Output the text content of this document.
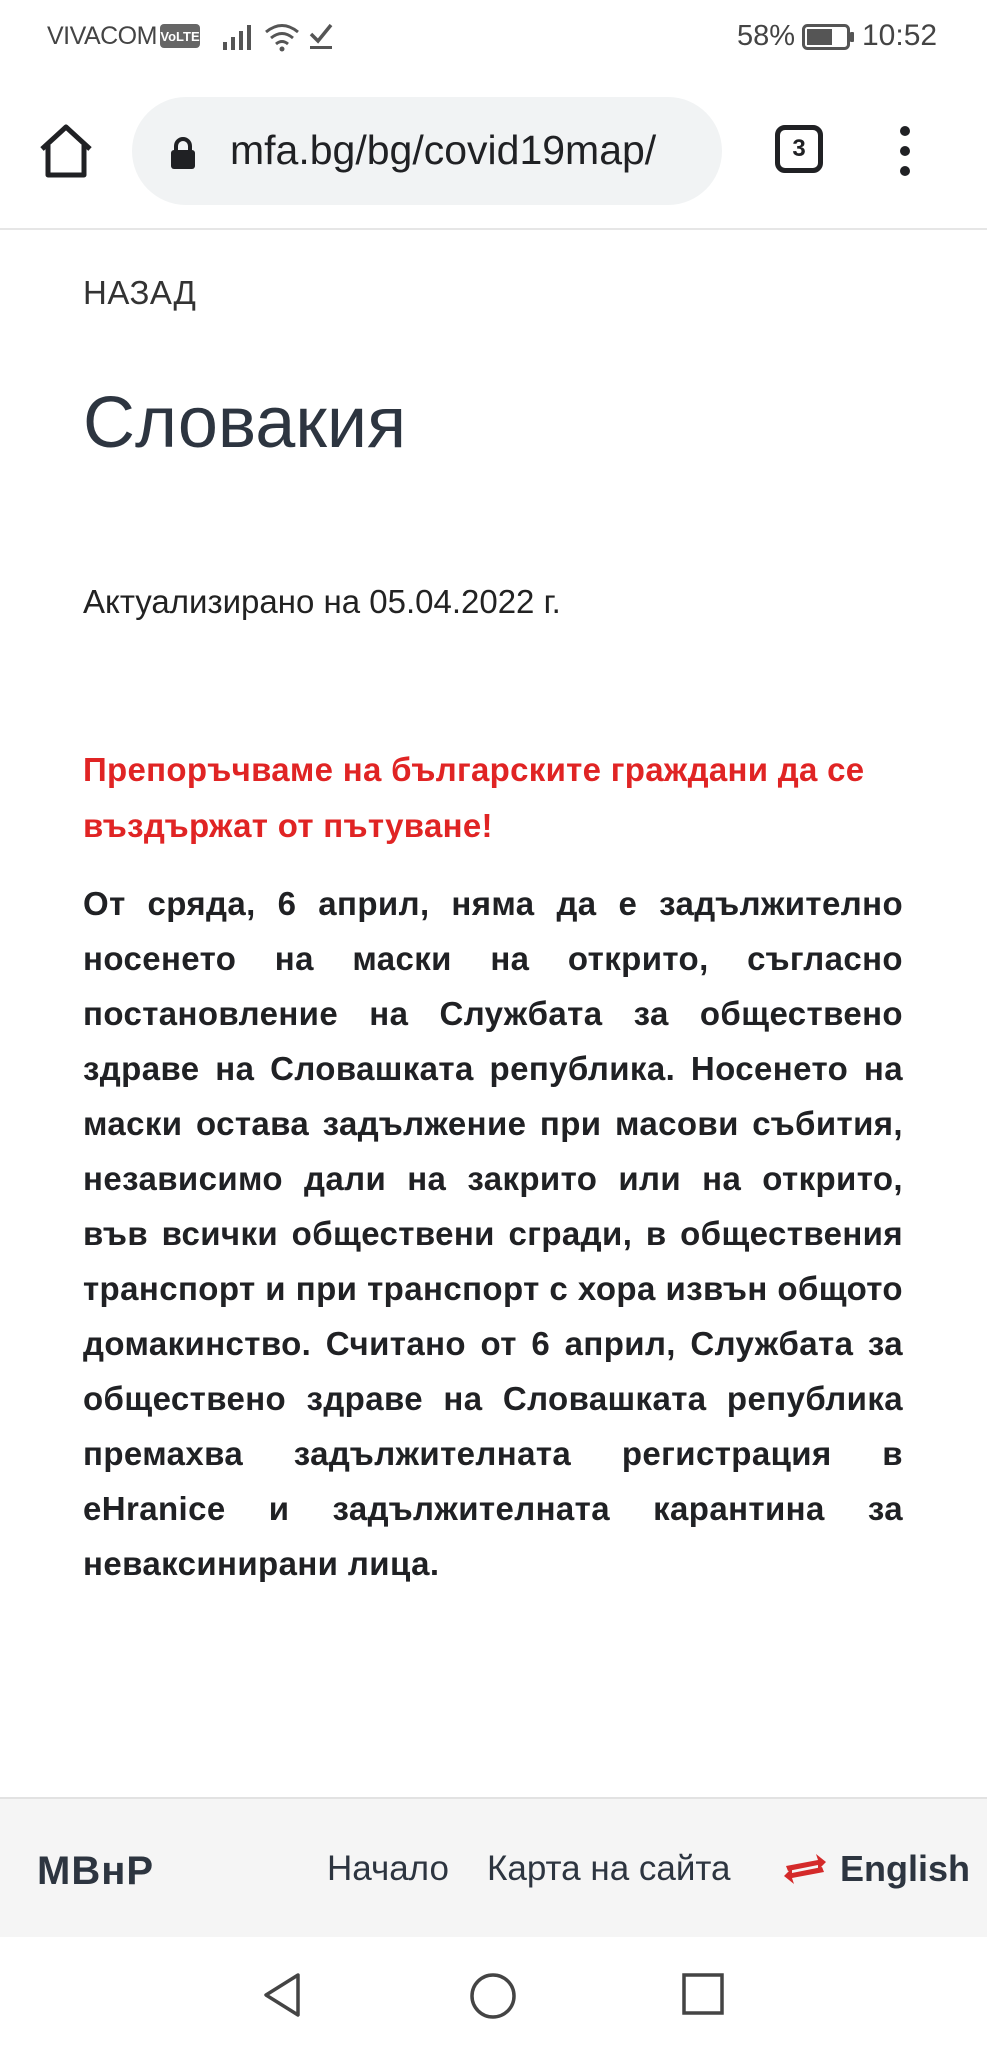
VIVACOM VoLTE	58% 10:52
mfa.bg/bg/covid19map/	3
НАЗАД
Словакия
Актуализирано на 05.04.2022 г.
Препоръчваме на българските граждани да се въздържат от пътуване!
От сряда, 6 април, няма да е задължително носенето на маски на открито, съгласно постановление на Службата за обществено здраве на Словашката република. Носенето на маски остава задължение при масови събития, независимо дали на закрито или на открито, във всички обществени сгради, в обществения транспорт и при транспорт с хора извън общото домакинство. Считано от 6 април, Службата за обществено здраве на Словашката република премахва задължителната регистрация в eHranice и задължителната карантина за неваксинирани лица.
МВнР	Начало Карта на сайта	English
